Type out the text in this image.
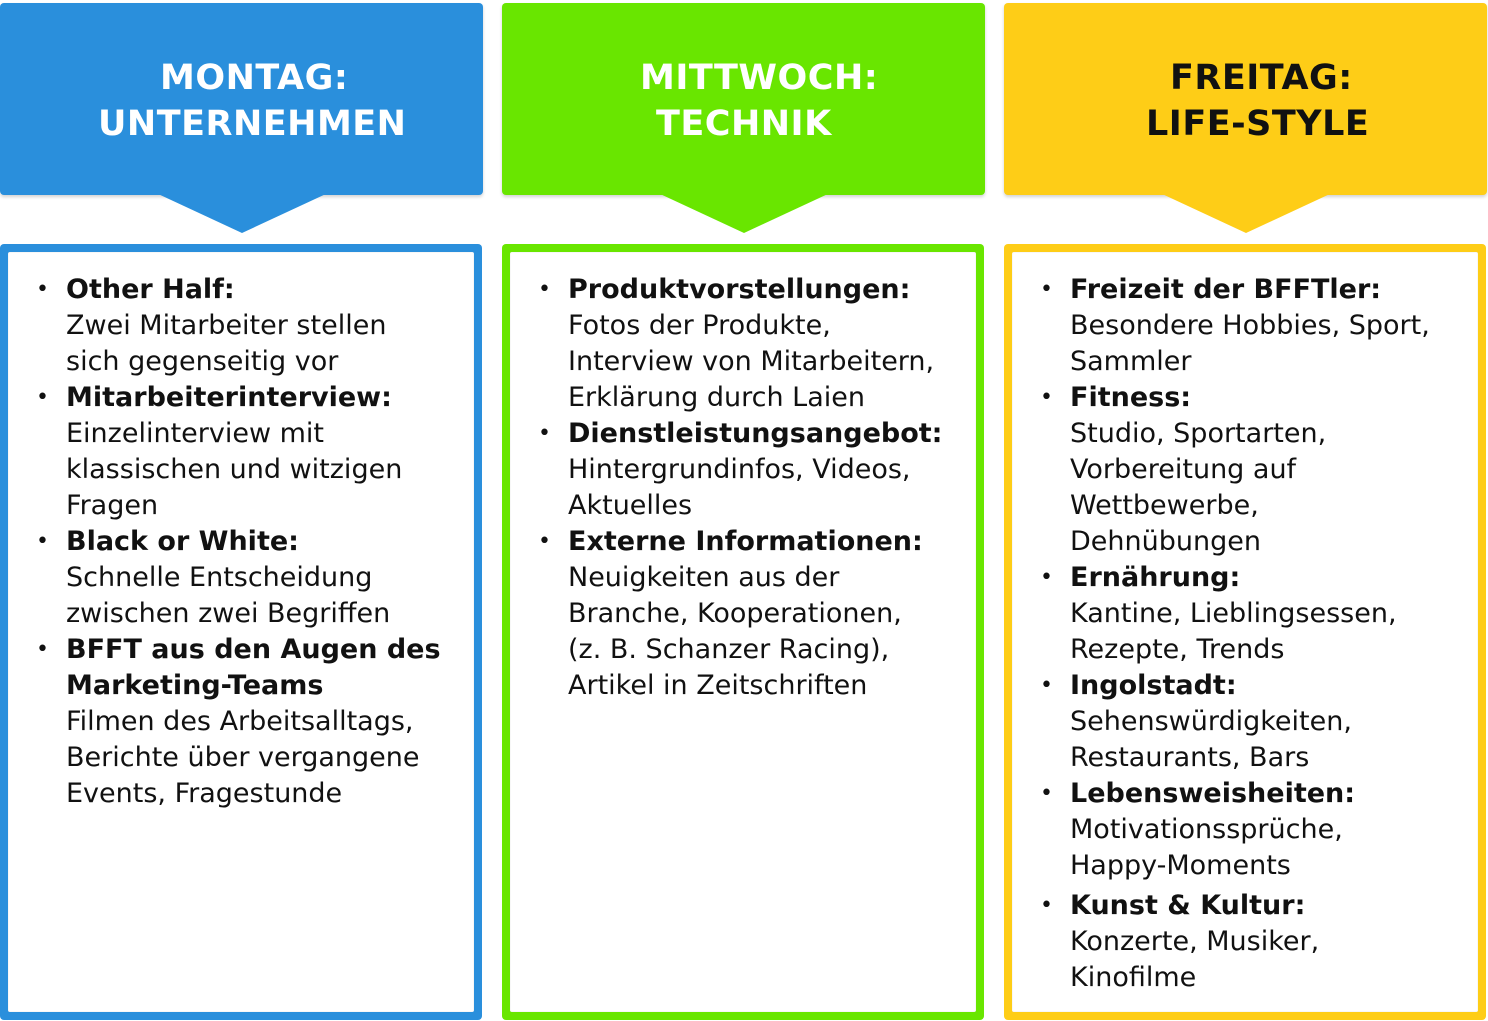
MONTAG:
UNTERNEHMEN
• Other Half:
Zwei Mitarbeiter stellen
sich gegenseitig vor
• Mitarbeiterinterview:
Einzelinterview mit
klassischen und witzigen
Fragen
• Black or White:
Schnelle Entscheidung
zwischen zwei Begriffen
• BFFT aus den Augen des
Marketing-Teams
Filmen des Arbeitsalltags,
Berichte über vergangene
Events, Fragestunde
MITTWOCH:
TECHNIK
• Produktvorstellungen:
Fotos der Produkte,
Interview von Mitarbeitern,
Erklärung durch Laien
• Dienstleistungsangebot:
Hintergrundinfos, Videos,
Aktuelles
• Externe Informationen:
Neuigkeiten aus der
Branche, Kooperationen,
(z. B. Schanzer Racing),
Artikel in Zeitschriften
FREITAG:
LIFE-STYLE
• Freizeit der BFFTler:
Besondere Hobbies, Sport,
Sammler
• Fitness:
Studio, Sportarten,
Vorbereitung auf
Wettbewerbe,
Dehnübungen
• Ernährung:
Kantine, Lieblingsessen,
Rezepte, Trends
• Ingolstadt:
Sehenswürdigkeiten,
Restaurants, Bars
• Lebensweisheiten:
Motivationssprüche,
Happy-Moments
• Kunst & Kultur:
Konzerte, Musiker,
Kinofilme
